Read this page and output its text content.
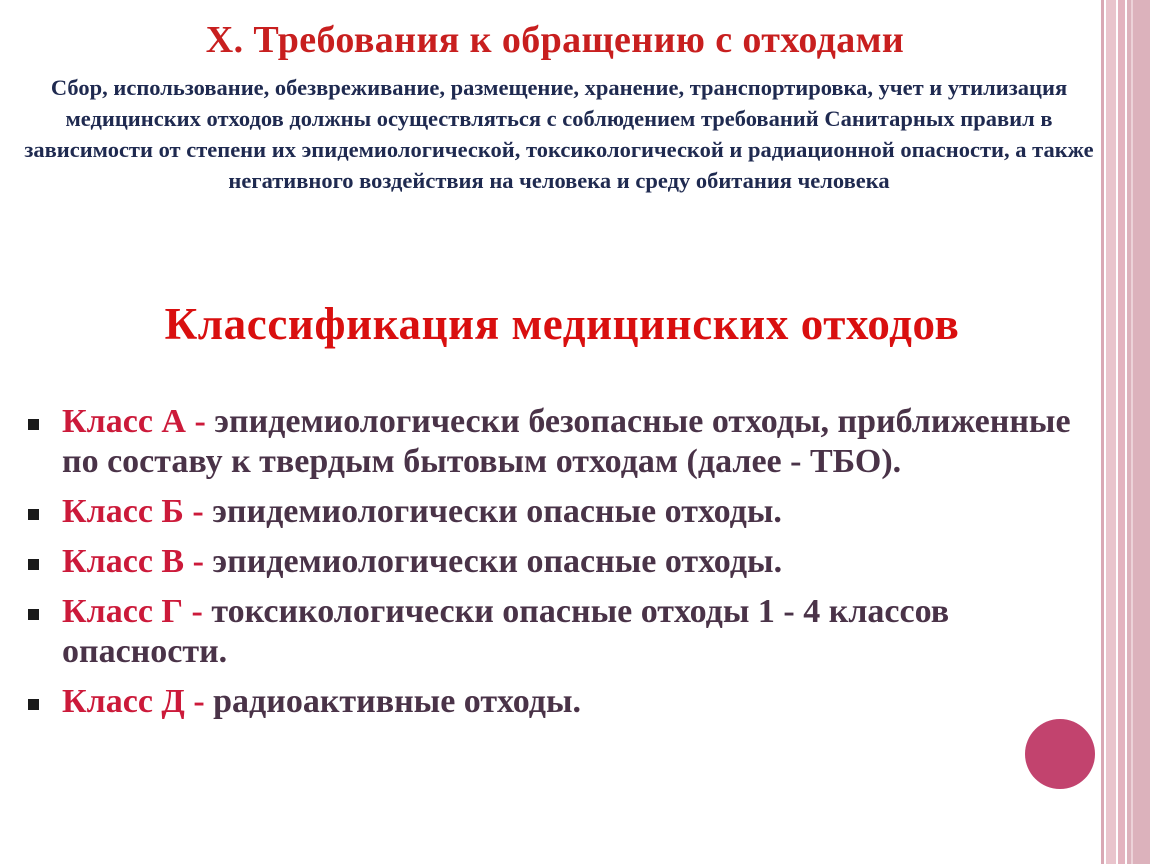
X. Требования к обращению с отходами
Сбор, использование, обезвреживание, размещение, хранение, транспортировка, учет и утилизация медицинских отходов должны осуществляться с соблюдением требований Санитарных правил в зависимости от степени их эпидемиологической, токсикологической и радиационной опасности, а также негативного воздействия на человека и среду обитания человека
Классификация медицинских отходов
Класс А - эпидемиологически безопасные отходы, приближенные по составу к твердым бытовым отходам (далее - ТБО).
Класс Б - эпидемиологически опасные отходы.
Класс В - эпидемиологически опасные отходы.
Класс Г - токсикологически опасные отходы 1 - 4 классов опасности.
Класс Д - радиоактивные отходы.
